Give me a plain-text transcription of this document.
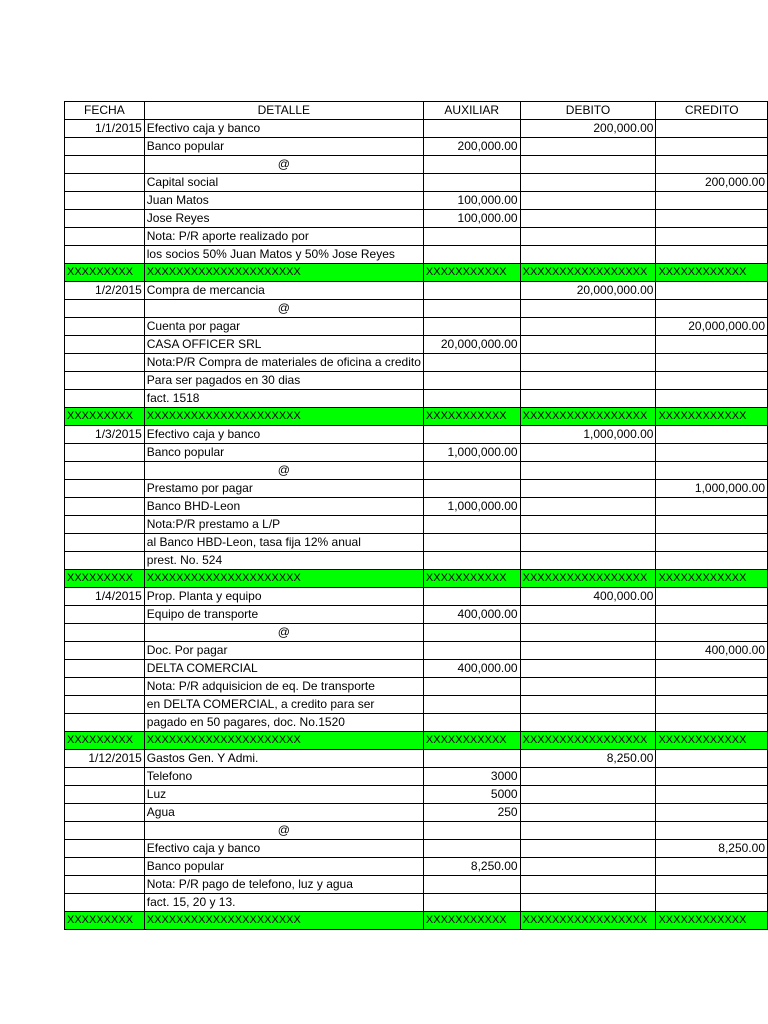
FECHA	DETALLE	AUXILIAR	DEBITO	CREDITO
1/1/2015	Efectivo caja y banco		200,000.00	
	Banco popular	200,000.00		
	@			
	Capital social			200,000.00
	Juan Matos	100,000.00		
	Jose Reyes	100,000.00		
	Nota: P/R aporte realizado por			
	los socios 50% Juan Matos y 50% Jose Reyes			

XXXXXXXXX	XXXXXXXXXXXXXXXXXXXXX	XXXXXXXXXXX	XXXXXXXXXXXXXXXXX	XXXXXXXXXXXX

1/2/2015	Compra de mercancia		20,000,000.00	
	@			
	Cuenta por pagar			20,000,000.00
	CASA OFFICER SRL	20,000,000.00		
	Nota:P/R Compra de materiales de oficina a credito			
	Para ser pagados en 30 dias			
	fact. 1518			

XXXXXXXXX	XXXXXXXXXXXXXXXXXXXXX	XXXXXXXXXXX	XXXXXXXXXXXXXXXXX	XXXXXXXXXXXX

1/3/2015	Efectivo caja y banco		1,000,000.00	
	Banco popular	1,000,000.00		
	@			
	Prestamo por pagar			1,000,000.00
	Banco BHD-Leon	1,000,000.00		
	Nota:P/R prestamo a L/P			
	al Banco HBD-Leon, tasa fija 12% anual			
	prest. No. 524			

XXXXXXXXX	XXXXXXXXXXXXXXXXXXXXX	XXXXXXXXXXX	XXXXXXXXXXXXXXXXX	XXXXXXXXXXXX

1/4/2015	Prop. Planta y equipo		400,000.00	
	Equipo de transporte	400,000.00		
	@			
	Doc. Por pagar			400,000.00
	DELTA COMERCIAL	400,000.00		
	Nota: P/R adquisicion de eq. De transporte			
	en DELTA COMERCIAL, a credito para ser			
	pagado en 50 pagares, doc. No.1520			

XXXXXXXXX	XXXXXXXXXXXXXXXXXXXXX	XXXXXXXXXXX	XXXXXXXXXXXXXXXXX	XXXXXXXXXXXX

1/12/2015	Gastos Gen. Y Admi.		8,250.00	
	Telefono	3000		
	Luz	5000		
	Agua	250		
	@			
	Efectivo caja y banco			8,250.00
	Banco popular	8,250.00		
	Nota: P/R pago de telefono, luz y agua			
	fact. 15, 20 y 13.			

XXXXXXXXX	XXXXXXXXXXXXXXXXXXXXX	XXXXXXXXXXX	XXXXXXXXXXXXXXXXX	XXXXXXXXXXXX
